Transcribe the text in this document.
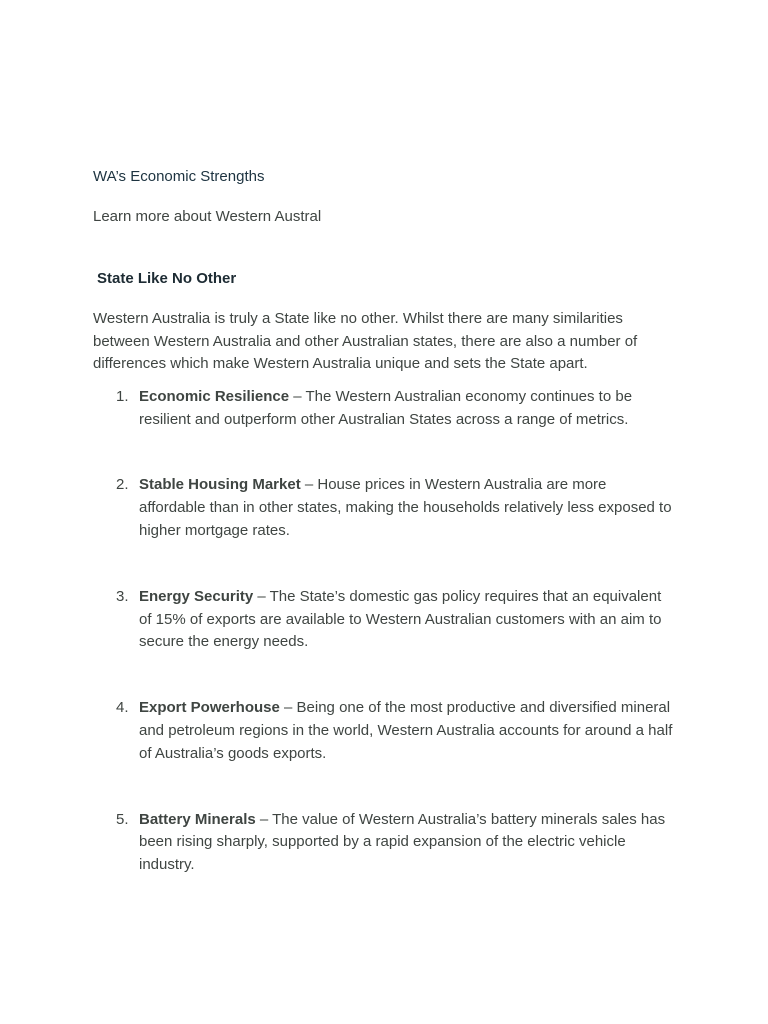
WA’s Economic Strengths

Learn more about Western Austral

State Like No Other

Western Australia is truly a State like no other. Whilst there are many similarities between Western Australia and other Australian states, there are also a number of differences which make Western Australia unique and sets the State apart.

1. Economic Resilience – The Western Australian economy continues to be resilient and outperform other Australian States across a range of metrics.
2. Stable Housing Market – House prices in Western Australia are more affordable than in other states, making the households relatively less exposed to higher mortgage rates.
3. Energy Security – The State’s domestic gas policy requires that an equivalent of 15% of exports are available to Western Australian customers with an aim to secure the energy needs.
4. Export Powerhouse – Being one of the most productive and diversified mineral and petroleum regions in the world, Western Australia accounts for around a half of Australia’s goods exports.
5. Battery Minerals – The value of Western Australia’s battery minerals sales has been rising sharply, supported by a rapid expansion of the electric vehicle industry.
